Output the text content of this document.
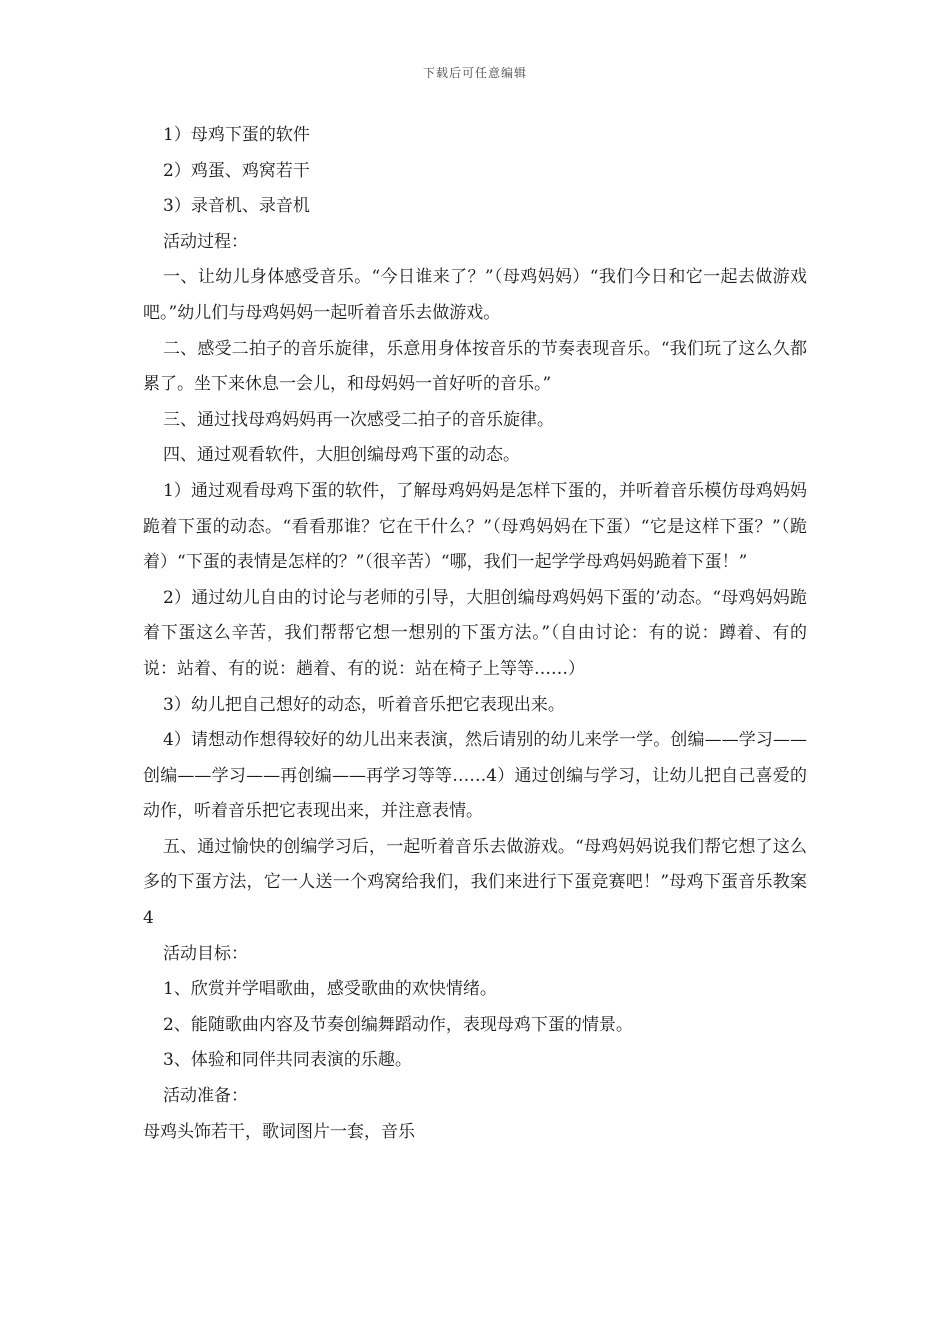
下载后可任意编辑

1）母鸡下蛋的软件

2）鸡蛋、鸡窝若干

3）录音机、录音机

活动过程：

一、让幼儿身体感受音乐。“今日谁来了？”（母鸡妈妈）“我们今日和它一起去做游戏吧。”幼儿们与母鸡妈妈一起听着音乐去做游戏。

二、感受二拍子的音乐旋律，乐意用身体按音乐的节奏表现音乐。“我们玩了这么久都累了。坐下来休息一会儿，和母妈妈一首好听的音乐。”

三、通过找母鸡妈妈再一次感受二拍子的音乐旋律。

四、通过观看软件，大胆创编母鸡下蛋的动态。

1）通过观看母鸡下蛋的软件，了解母鸡妈妈是怎样下蛋的，并听着音乐模仿母鸡妈妈跪着下蛋的动态。“看看那谁？它在干什么？”（母鸡妈妈在下蛋）“它是这样下蛋？”（跪着）“下蛋的表情是怎样的？”（很辛苦）“哪，我们一起学学母鸡妈妈跪着下蛋！”

2）通过幼儿自由的讨论与老师的引导，大胆创编母鸡妈妈下蛋的’动态。“母鸡妈妈跪着下蛋这么辛苦，我们帮帮它想一想别的下蛋方法。”（自由讨论：有的说：蹲着、有的说：站着、有的说：趟着、有的说：站在椅子上等等……）

3）幼儿把自己想好的动态，听着音乐把它表现出来。

4）请想动作想得较好的幼儿出来表演，然后请别的幼儿来学一学。创编——学习——创编——学习——再创编——再学习等等……4）通过创编与学习，让幼儿把自己喜爱的动作，听着音乐把它表现出来，并注意表情。

五、通过愉快的创编学习后，一起听着音乐去做游戏。“母鸡妈妈说我们帮它想了这么多的下蛋方法，它一人送一个鸡窝给我们，我们来进行下蛋竞赛吧！”母鸡下蛋音乐教案4

活动目标：

1、欣赏并学唱歌曲，感受歌曲的欢快情绪。

2、能随歌曲内容及节奏创编舞蹈动作，表现母鸡下蛋的情景。

3、体验和同伴共同表演的乐趣。

活动准备：

母鸡头饰若干，歌词图片一套，音乐
